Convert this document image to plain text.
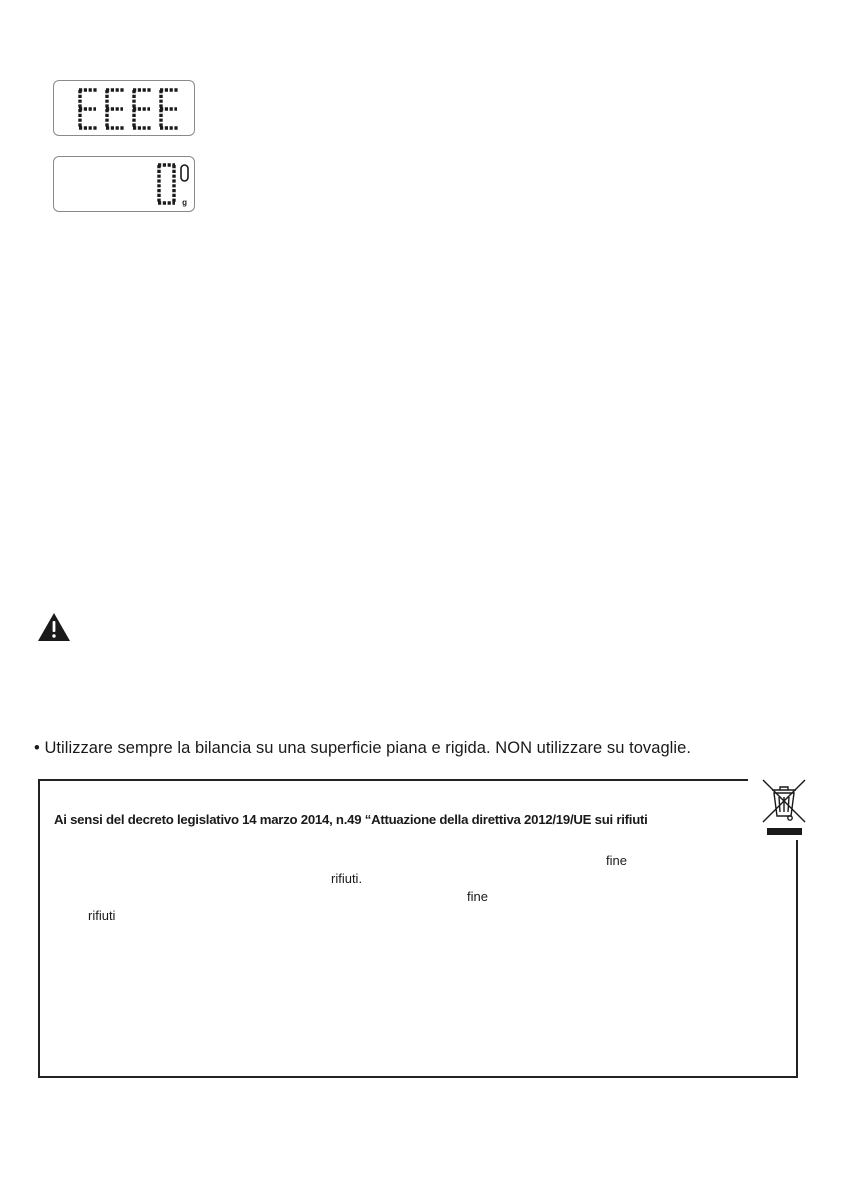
g
• Utilizzare sempre la bilancia su una superficie piana e rigida. NON utilizzare su tovaglie.
Ai sensi del decreto legislativo 14 marzo 2014, n.49 “Attuazione della direttiva 2012/19/UE sui rifiuti
fine
rifiuti.
fine
rifiuti
